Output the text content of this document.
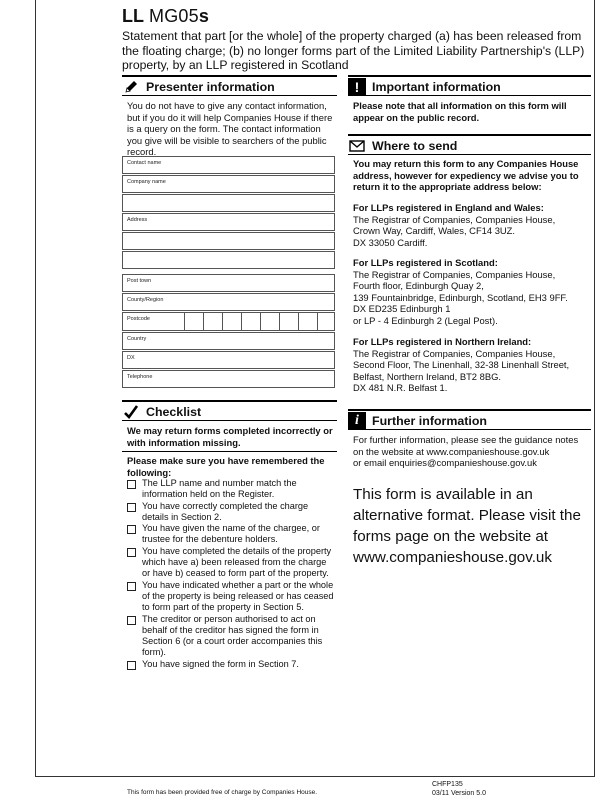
LL MG05s

Statement that part [or the whole] of the property charged (a) has been released from the floating charge; (b) no longer forms part of the Limited Liability Partnership's (LLP) property, by an LLP registered in Scotland
Presenter information
You do not have to give any contact information, but if you do it will help Companies House if there is a query on the form. The contact information you give will be visible to searchers of the public record.
Contact name
Company name
Address
Post town
County/Region
Postcode
Country
DX
Telephone
Checklist
We may return forms completed incorrectly or with information missing.
Please make sure you have remembered the following:
The LLP name and number match the information held on the Register.
You have correctly completed the charge details in Section 2.
You have given the name of the chargee, or trustee for the debenture holders.
You have completed the details of the property which have a) been released from the charge or have b) ceased to form part of the property.
You have indicated whether a part or the whole of the property is being released or has ceased to form part of the property in Section 5.
The creditor or person authorised to act on behalf of the creditor has signed the form in Section 6 (or a court order accompanies this form).
You have signed the form in Section 7.
!	Important information
Please note that all information on this form will appear on the public record.
Where to send
You may return this form to any Companies House address, however for expediency we advise you to return it to the appropriate address below:
For LLPs registered in England and Wales:
The Registrar of Companies, Companies House,
Crown Way, Cardiff, Wales, CF14 3UZ.
DX 33050 Cardiff.
For LLPs registered in Scotland:
The Registrar of Companies, Companies House,
Fourth floor, Edinburgh Quay 2,
139 Fountainbridge, Edinburgh, Scotland, EH3 9FF.
DX ED235 Edinburgh 1
or LP - 4 Edinburgh 2 (Legal Post).
For LLPs registered in Northern Ireland:
The Registrar of Companies, Companies House,
Second Floor, The Linenhall, 32-38 Linenhall Street,
Belfast, Northern Ireland, BT2 8BG.
DX 481 N.R. Belfast 1.
i	Further information
For further information, please see the guidance notes
on the website at www.companieshouse.gov.uk
or email enquiries@companieshouse.gov.uk
This form is available in an alternative format. Please visit the forms page on the website at www.companieshouse.gov.uk
This form has been provided free of charge by Companies House.
CHFP135
03/11 Version 5.0
